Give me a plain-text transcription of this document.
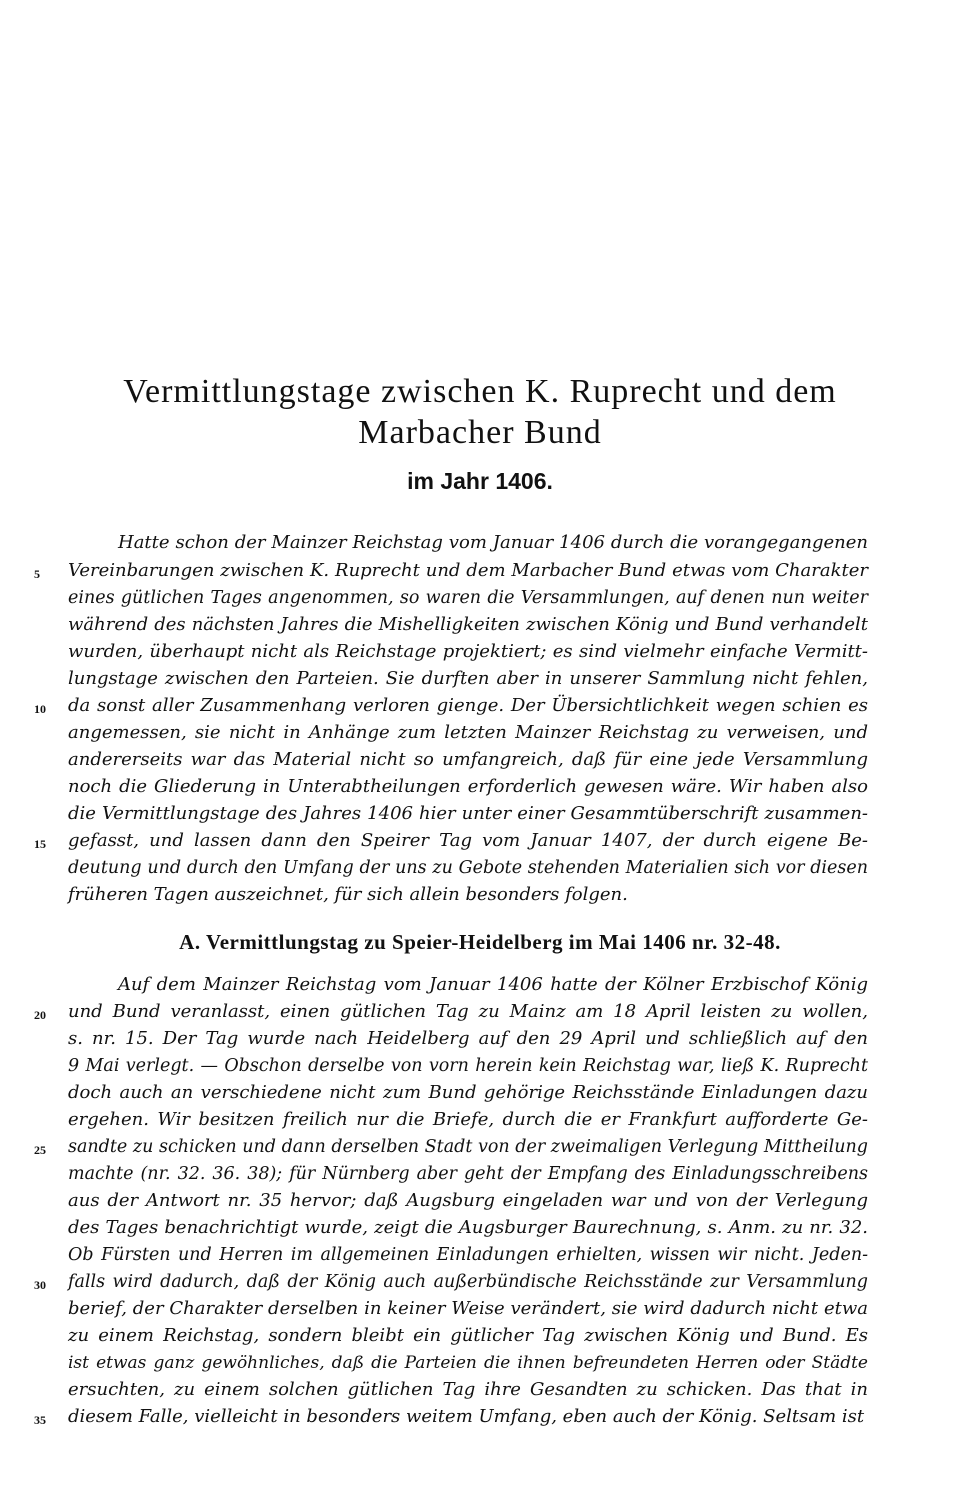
Vermittlungstage zwischen K. Ruprecht und dem
Marbacher Bund
im Jahr 1406.
Hatte schon der Mainzer Reichstag vom Januar 1406 durch die vorangegangenen
Vereinbarungen zwischen K. Ruprecht und dem Marbacher Bund etwas vom Charakter
eines gütlichen Tages angenommen, so waren die Versammlungen, auf denen nun weiter
während des nächsten Jahres die Mishelligkeiten zwischen König und Bund verhandelt
wurden, überhaupt nicht als Reichstage projektiert; es sind vielmehr einfache Vermitt-
lungstage zwischen den Parteien. Sie durften aber in unserer Sammlung nicht fehlen,
da sonst aller Zusammenhang verloren gienge. Der Übersichtlichkeit wegen schien es
angemessen, sie nicht in Anhänge zum letzten Mainzer Reichstag zu verweisen, und
andererseits war das Material nicht so umfangreich, daß für eine jede Versammlung
noch die Gliederung in Unterabtheilungen erforderlich gewesen wäre. Wir haben also
die Vermittlungstage des Jahres 1406 hier unter einer Gesammtüberschrift zusammen-
gefasst, und lassen dann den Speirer Tag vom Januar 1407, der durch eigene Be-
deutung und durch den Umfang der uns zu Gebote stehenden Materialien sich vor diesen
früheren Tagen auszeichnet, für sich allein besonders folgen.
A. Vermittlungstag zu Speier-Heidelberg im Mai 1406 nr. 32-48.
Auf dem Mainzer Reichstag vom Januar 1406 hatte der Kölner Erzbischof König
und Bund veranlasst, einen gütlichen Tag zu Mainz am 18 April leisten zu wollen,
s. nr. 15. Der Tag wurde nach Heidelberg auf den 29 April und schließlich auf den
9 Mai verlegt. — Obschon derselbe von vorn herein kein Reichstag war, ließ K. Ruprecht
doch auch an verschiedene nicht zum Bund gehörige Reichsstände Einladungen dazu
ergehen. Wir besitzen freilich nur die Briefe, durch die er Frankfurt aufforderte Ge-
sandte zu schicken und dann derselben Stadt von der zweimaligen Verlegung Mittheilung
machte (nr. 32. 36. 38); für Nürnberg aber geht der Empfang des Einladungsschreibens
aus der Antwort nr. 35 hervor; daß Augsburg eingeladen war und von der Verlegung
des Tages benachrichtigt wurde, zeigt die Augsburger Baurechnung, s. Anm. zu nr. 32.
Ob Fürsten und Herren im allgemeinen Einladungen erhielten, wissen wir nicht. Jeden-
falls wird dadurch, daß der König auch außerbündische Reichsstände zur Versammlung
berief, der Charakter derselben in keiner Weise verändert, sie wird dadurch nicht etwa
zu einem Reichstag, sondern bleibt ein gütlicher Tag zwischen König und Bund. Es
ist etwas ganz gewöhnliches, daß die Parteien die ihnen befreundeten Herren oder Städte
ersuchten, zu einem solchen gütlichen Tag ihre Gesandten zu schicken. Das that in
diesem Falle, vielleicht in besonders weitem Umfang, eben auch der König. Seltsam ist
5
10
15
20
25
30
35
